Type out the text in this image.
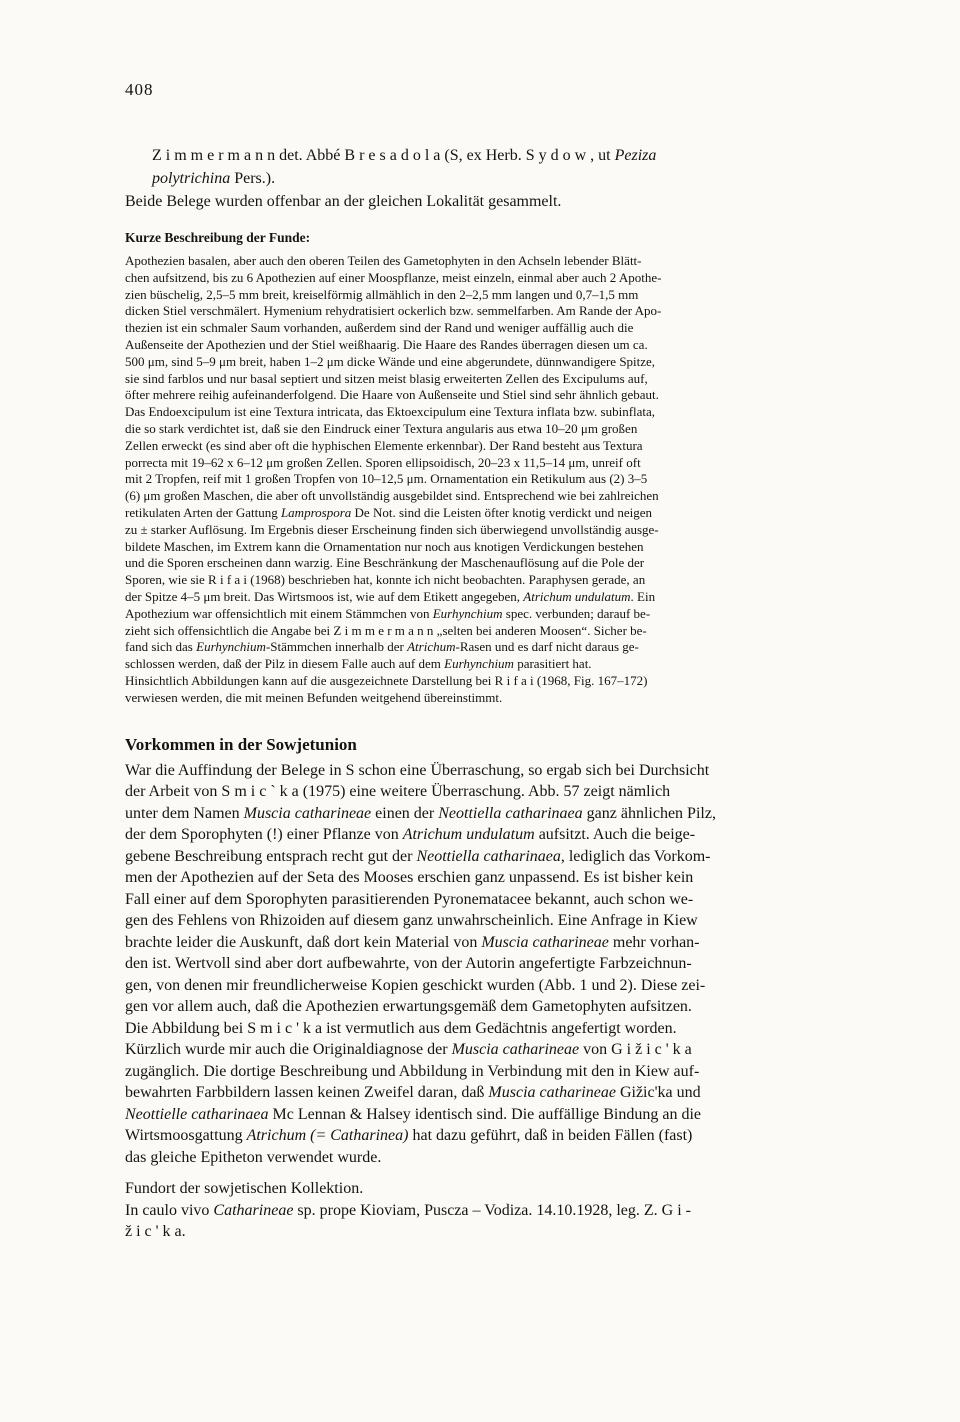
408
Z i m m e r m a n n det. Abbé B r e s a d o l a (S, ex Herb. S y d o w , ut Peziza
polytrichina Pers.).
Beide Belege wurden offenbar an der gleichen Lokalität gesammelt.
Kurze Beschreibung der Funde:
Apothezien basalen, aber auch den oberen Teilen des Gametophyten in den Achseln lebender Blätt-
chen aufsitzend, bis zu 6 Apothezien auf einer Moospflanze, meist einzeln, einmal aber auch 2 Apothe-
zien büschelig, 2,5–5 mm breit, kreiselförmig allmählich in den 2–2,5 mm langen und 0,7–1,5 mm
dicken Stiel verschmälert. Hymenium rehydratisiert ockerlich bzw. semmelfarben. Am Rande der Apo-
thezien ist ein schmaler Saum vorhanden, außerdem sind der Rand und weniger auffällig auch die
Außenseite der Apothezien und der Stiel weißhaarig. Die Haare des Randes überragen diesen um ca.
500 μm, sind 5–9 μm breit, haben 1–2 μm dicke Wände und eine abgerundete, dünnwandigere Spitze,
sie sind farblos und nur basal septiert und sitzen meist blasig erweiterten Zellen des Excipulums auf,
öfter mehrere reihig aufeinanderfolgend. Die Haare von Außenseite und Stiel sind sehr ähnlich gebaut.
Das Endoexcipulum ist eine Textura intricata, das Ektoexcipulum eine Textura inflata bzw. subinflata,
die so stark verdichtet ist, daß sie den Eindruck einer Textura angularis aus etwa 10–20 μm großen
Zellen erweckt (es sind aber oft die hyphischen Elemente erkennbar). Der Rand besteht aus Textura
porrecta mit 19–62 x 6–12 μm großen Zellen. Sporen ellipsoidisch, 20–23 x 11,5–14 μm, unreif oft
mit 2 Tropfen, reif mit 1 großen Tropfen von 10–12,5 μm. Ornamentation ein Retikulum aus (2) 3–5
(6) μm großen Maschen, die aber oft unvollständig ausgebildet sind. Entsprechend wie bei zahlreichen
retikulaten Arten der Gattung Lamprospora De Not. sind die Leisten öfter knotig verdickt und neigen
zu ± starker Auflösung. Im Ergebnis dieser Erscheinung finden sich überwiegend unvollständig ausge-
bildete Maschen, im Extrem kann die Ornamentation nur noch aus knotigen Verdickungen bestehen
und die Sporen erscheinen dann warzig. Eine Beschränkung der Maschenauflösung auf die Pole der
Sporen, wie sie R i f a i (1968) beschrieben hat, konnte ich nicht beobachten. Paraphysen gerade, an
der Spitze 4–5 μm breit. Das Wirtsmoos ist, wie auf dem Etikett angegeben, Atrichum undulatum. Ein
Apothezium war offensichtlich mit einem Stämmchen von Eurhynchium spec. verbunden; darauf be-
zieht sich offensichtlich die Angabe bei Z i m m e r m a n n „selten bei anderen Moosen“. Sicher be-
fand sich das Eurhynchium-Stämmchen innerhalb der Atrichum-Rasen und es darf nicht daraus ge-
schlossen werden, daß der Pilz in diesem Falle auch auf dem Eurhynchium parasitiert hat.
Hinsichtlich Abbildungen kann auf die ausgezeichnete Darstellung bei R i f a i (1968, Fig. 167–172)
verwiesen werden, die mit meinen Befunden weitgehend übereinstimmt.
Vorkommen in der Sowjetunion
War die Auffindung der Belege in S schon eine Überraschung, so ergab sich bei Durchsicht
der Arbeit von S m i c ` k a (1975) eine weitere Überraschung. Abb. 57 zeigt nämlich
unter dem Namen Muscia catharineae einen der Neottiella catharinaea ganz ähnlichen Pilz,
der dem Sporophyten (!) einer Pflanze von Atrichum undulatum aufsitzt. Auch die beige-
gebene Beschreibung entsprach recht gut der Neottiella catharinaea, lediglich das Vorkom-
men der Apothezien auf der Seta des Mooses erschien ganz unpassend. Es ist bisher kein
Fall einer auf dem Sporophyten parasitierenden Pyronematacee bekannt, auch schon we-
gen des Fehlens von Rhizoiden auf diesem ganz unwahrscheinlich. Eine Anfrage in Kiew
brachte leider die Auskunft, daß dort kein Material von Muscia catharineae mehr vorhan-
den ist. Wertvoll sind aber dort aufbewahrte, von der Autorin angefertigte Farbzeichnun-
gen, von denen mir freundlicherweise Kopien geschickt wurden (Abb. 1 und 2). Diese zei-
gen vor allem auch, daß die Apothezien erwartungsgemäß dem Gametophyten aufsitzen.
Die Abbildung bei S m i c ' k a ist vermutlich aus dem Gedächtnis angefertigt worden.
Kürzlich wurde mir auch die Originaldiagnose der Muscia catharineae von G i ž i c ' k a
zugänglich. Die dortige Beschreibung und Abbildung in Verbindung mit den in Kiew auf-
bewahrten Farbbildern lassen keinen Zweifel daran, daß Muscia catharineae Gižic'ka und
Neottielle catharinaea Mc Lennan & Halsey identisch sind. Die auffällige Bindung an die
Wirtsmoosgattung Atrichum (= Catharinea) hat dazu geführt, daß in beiden Fällen (fast)
das gleiche Epitheton verwendet wurde.
Fundort der sowjetischen Kollektion.
In caulo vivo Catharineae sp. prope Kioviam, Puscza – Vodiza. 14.10.1928, leg. Z. G i -
ž i c ' k a.
